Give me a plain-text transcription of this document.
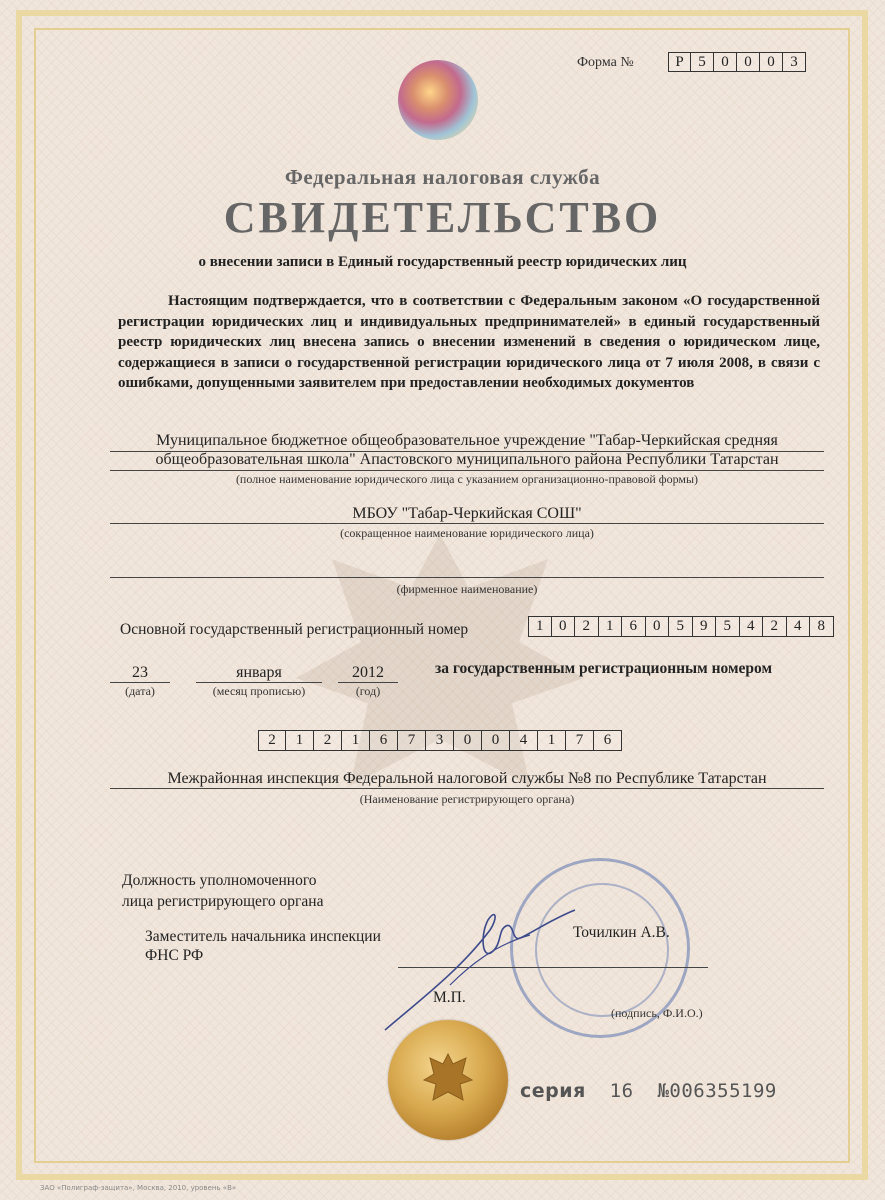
Форма №	Р 5	0	0	0	3
Федеральная налоговая служба
СВИДЕТЕЛЬСТВО
о внесении записи в Единый государственный реестр юридических лиц
Настоящим подтверждается, что в соответствии с Федеральным законом «О государственной регистрации юридических лиц и индивидуальных предпринимателей» в единый государственный реестр юридических лиц внесена запись о внесении изменений в сведения о юридическом лице, содержащиеся в записи о государственной регистрации юридического лица от 7 июля 2008, в связи с ошибками, допущенными заявителем при предоставлении необходимых документов
Муниципальное бюджетное общеобразовательное учреждение "Табар-Черкийская средняя
общеобразовательная школа" Апастовского муниципального района Республики Татарстан
(полное наименование юридического лица с указанием организационно-правовой формы)
МБОУ "Табар-Черкийская СОШ"
(сокращенное наименование юридического лица)
(фирменное наименование)
Основной государственный регистрационный номер	1	0	2	1	6	0	5	9	5	4	2	4	8
23
(дата)
января
(месяц прописью)
2012
(год)
за государственным регистрационным номером
2	1	2	1	6	7	3	0	0	4	1	7	6
Межрайонная инспекция Федеральной налоговой службы №8 по Республике Татарстан
(Наименование регистрирующего органа)
Должность уполномоченного
лица регистрирующего органа
Заместитель начальника инспекции
ФНС РФ
Точилкин А.В.
М.П.
(подпись, Ф.И.О.)
серия 16 №006355199
ЗАО «Полиграф-защита», Москва, 2010, уровень «В»
